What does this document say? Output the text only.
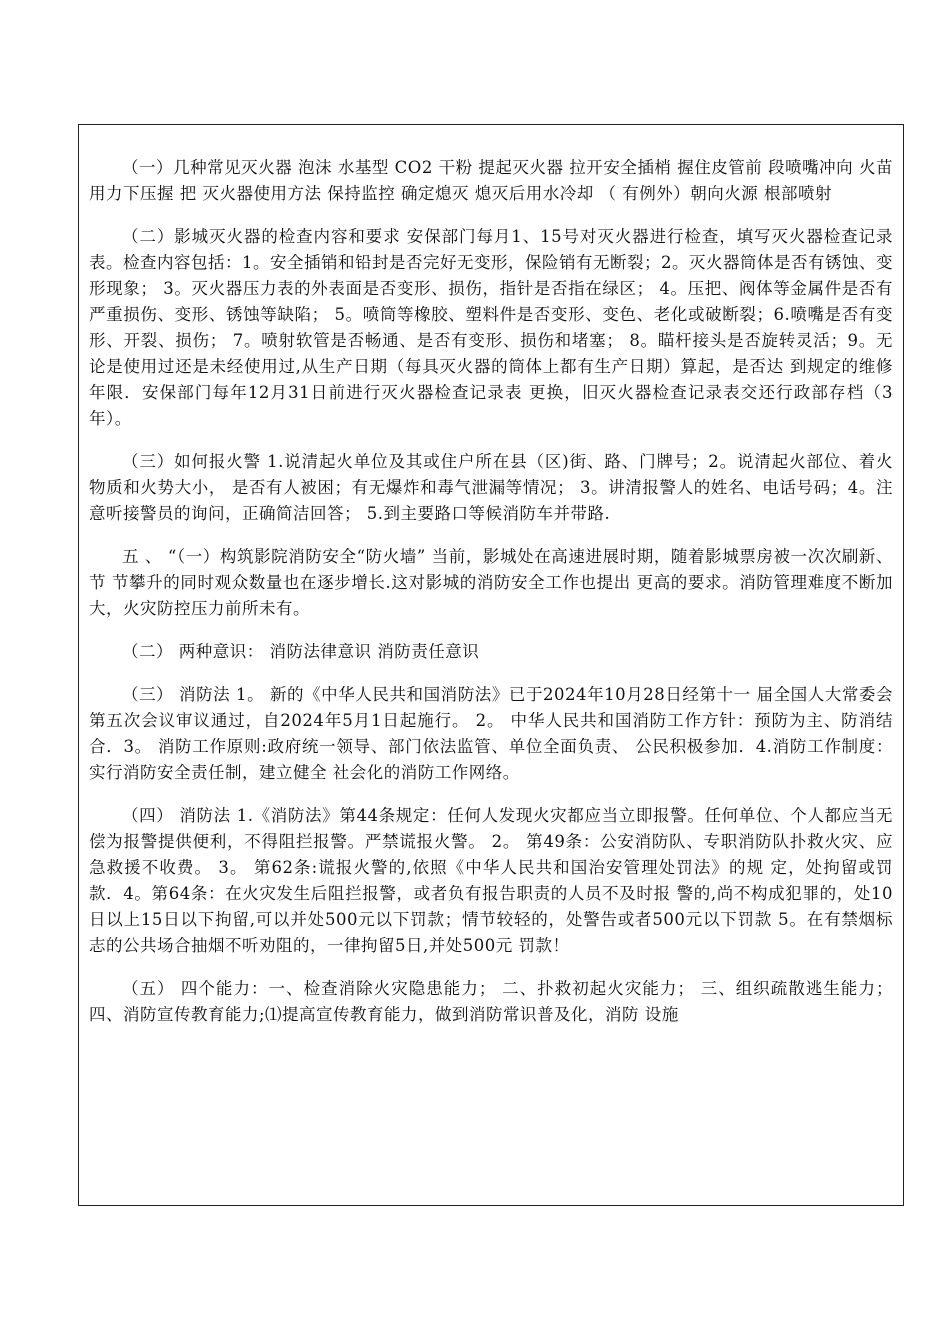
（一）几种常见灭火器 泡沫 水基型 CO2 干粉 提起灭火器 拉开安全插梢 握住皮管前 段喷嘴冲向 火苗 用力下压握 把 灭火器使用方法 保持监控 确定熄灭 熄灭后用水冷却 （ 有例外）朝向火源 根部喷射

（二）影城灭火器的检查内容和要求 安保部门每月1、15号对灭火器进行检查，填写灭火器检查记录 表。检查内容包括：1。安全插销和铅封是否完好无变形，保险销有无断裂；2。灭火器筒体是否有锈蚀、变形现象； 3。灭火器压力表的外表面是否变形、损伤，指针是否指在绿区； 4。压把、阀体等金属件是否有严重损伤、变形、锈蚀等缺陷； 5。喷筒等橡胶、塑料件是否变形、变色、老化或破断裂；6.喷嘴是否有变形、开裂、损伤； 7。喷射软管是否畅通、是否有变形、损伤和堵塞； 8。瞄杆接头是否旋转灵活；9。无论是使用过还是未经使用过,从生产日期（每具灭火器的筒体上都有生产日期）算起，是否达 到规定的维修年限．安保部门每年12月31日前进行灭火器检查记录表 更换，旧灭火器检查记录表交还行政部存档（3年）。

（三）如何报火警 1.说清起火单位及其或住户所在县（区)街、路、门牌号；2。说清起火部位、着火物质和火势大小， 是否有人被困；有无爆炸和毒气泄漏等情况； 3。讲清报警人的姓名、电话号码；4。注意听接警员的询问，正确简洁回答； 5.到主要路口等候消防车并带路.

五 、 “（一）构筑影院消防安全“防火墙” 当前，影城处在高速进展时期，随着影城票房被一次次刷新、节 节攀升的同时观众数量也在逐步增长.这对影城的消防安全工作也提出 更高的要求。消防管理难度不断加大，火灾防控压力前所未有。

（二） 两种意识： 消防法律意识 消防责任意识

（三） 消防法 1。 新的《中华人民共和国消防法》已于2024年10月28日经第十一 届全国人大常委会第五次会议审议通过，自2024年5月1日起施行。 2。 中华人民共和国消防工作方针：预防为主、防消结合．3。 消防工作原则:政府统一领导、部门依法监管、单位全面负责、 公民积极参加．4.消防工作制度：实行消防安全责任制，建立健全 社会化的消防工作网络。

（四） 消防法 1.《消防法》第44条规定：任何人发现火灾都应当立即报警。任何单位、个人都应当无偿为报警提供便利，不得阻拦报警。严禁谎报火警。 2。 第49条：公安消防队、专职消防队扑救火灾、应急救援不收费。 3。 第62条:谎报火警的,依照《中华人民共和国治安管理处罚法》的规 定，处拘留或罚款．4。第64条：在火灾发生后阻拦报警，或者负有报告职责的人员不及时报 警的,尚不构成犯罪的，处10日以上15日以下拘留,可以并处500元以下罚款；情节较轻的，处警告或者500元以下罚款 5。在有禁烟标志的公共场合抽烟不听劝阻的，一律拘留5日,并处500元 罚款！

（五） 四个能力：一、检查消除火灾隐患能力； 二、扑救初起火灾能力； 三、组织疏散逃生能力； 四、消防宣传教育能力;⑴提高宣传教育能力，做到消防常识普及化，消防 设施
